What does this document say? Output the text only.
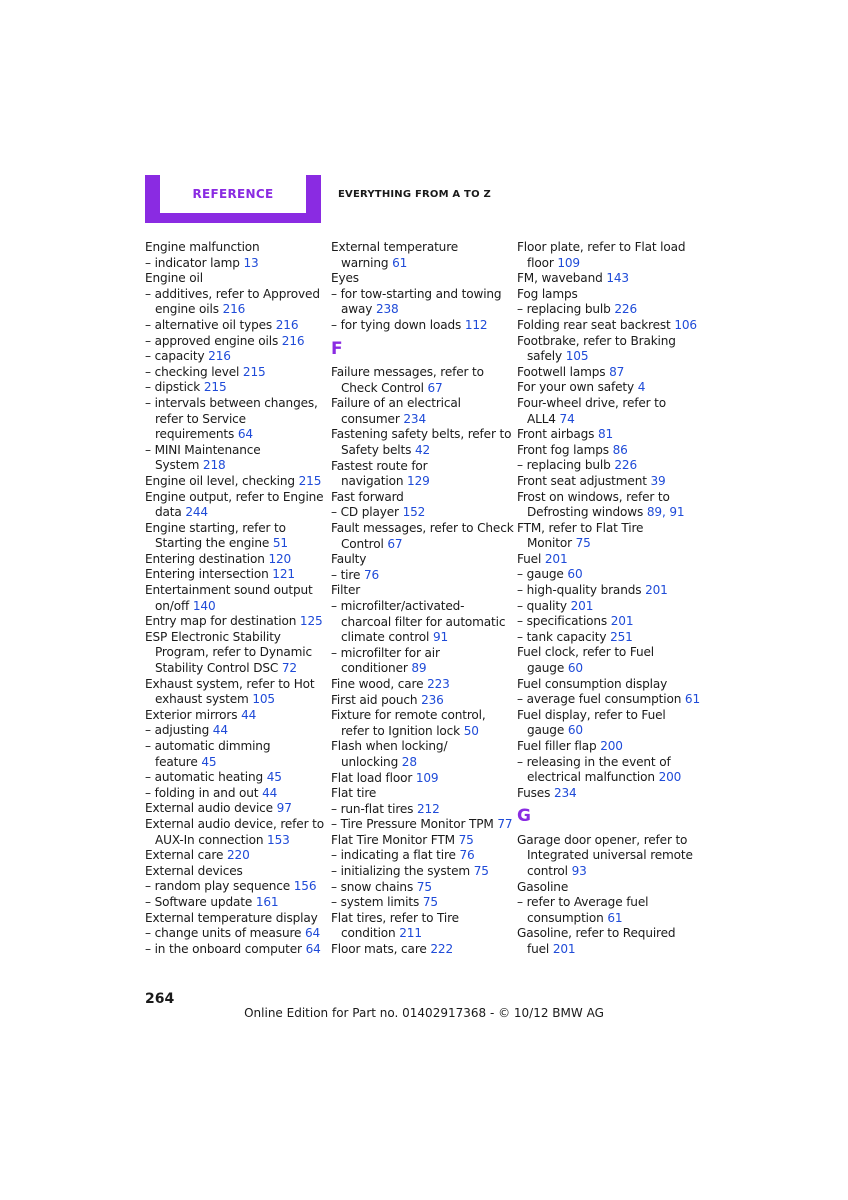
REFERENCE	EVERYTHING FROM A TO Z
Engine malfunction
– indicator lamp 13
Engine oil
– additives, refer to Approved
engine oils 216
– alternative oil types 216
– approved engine oils 216
– capacity 216
– checking level 215
– dipstick 215
– intervals between changes,
refer to Service
requirements 64
– MINI Maintenance
System 218
Engine oil level, checking 215
Engine output, refer to Engine
data 244
Engine starting, refer to
Starting the engine 51
Entering destination 120
Entering intersection 121
Entertainment sound output
on/off 140
Entry map for destination 125
ESP Electronic Stability
Program, refer to Dynamic
Stability Control DSC 72
Exhaust system, refer to Hot
exhaust system 105
Exterior mirrors 44
– adjusting 44
– automatic dimming
feature 45
– automatic heating 45
– folding in and out 44
External audio device 97
External audio device, refer to
AUX-In connection 153
External care 220
External devices
– random play sequence 156
– Software update 161
External temperature display
– change units of measure 64
– in the onboard computer 64
External temperature
warning 61
Eyes
– for tow-starting and towing
away 238
– for tying down loads 112
F
Failure messages, refer to
Check Control 67
Failure of an electrical
consumer 234
Fastening safety belts, refer to
Safety belts 42
Fastest route for
navigation 129
Fast forward
– CD player 152
Fault messages, refer to Check
Control 67
Faulty
– tire 76
Filter
– microfilter/activated-
charcoal filter for automatic
climate control 91
– microfilter for air
conditioner 89
Fine wood, care 223
First aid pouch 236
Fixture for remote control,
refer to Ignition lock 50
Flash when locking/
unlocking 28
Flat load floor 109
Flat tire
– run-flat tires 212
– Tire Pressure Monitor TPM 77
Flat Tire Monitor FTM 75
– indicating a flat tire 76
– initializing the system 75
– snow chains 75
– system limits 75
Flat tires, refer to Tire
condition 211
Floor mats, care 222
Floor plate, refer to Flat load
floor 109
FM, waveband 143
Fog lamps
– replacing bulb 226
Folding rear seat backrest 106
Footbrake, refer to Braking
safely 105
Footwell lamps 87
For your own safety 4
Four-wheel drive, refer to
ALL4 74
Front airbags 81
Front fog lamps 86
– replacing bulb 226
Front seat adjustment 39
Frost on windows, refer to
Defrosting windows 89, 91
FTM, refer to Flat Tire
Monitor 75
Fuel 201
– gauge 60
– high-quality brands 201
– quality 201
– specifications 201
– tank capacity 251
Fuel clock, refer to Fuel
gauge 60
Fuel consumption display
– average fuel consumption 61
Fuel display, refer to Fuel
gauge 60
Fuel filler flap 200
– releasing in the event of
electrical malfunction 200
Fuses 234
G
Garage door opener, refer to
Integrated universal remote
control 93
Gasoline
– refer to Average fuel
consumption 61
Gasoline, refer to Required
fuel 201
264
Online Edition for Part no. 01402917368 - © 10/12 BMW AG
